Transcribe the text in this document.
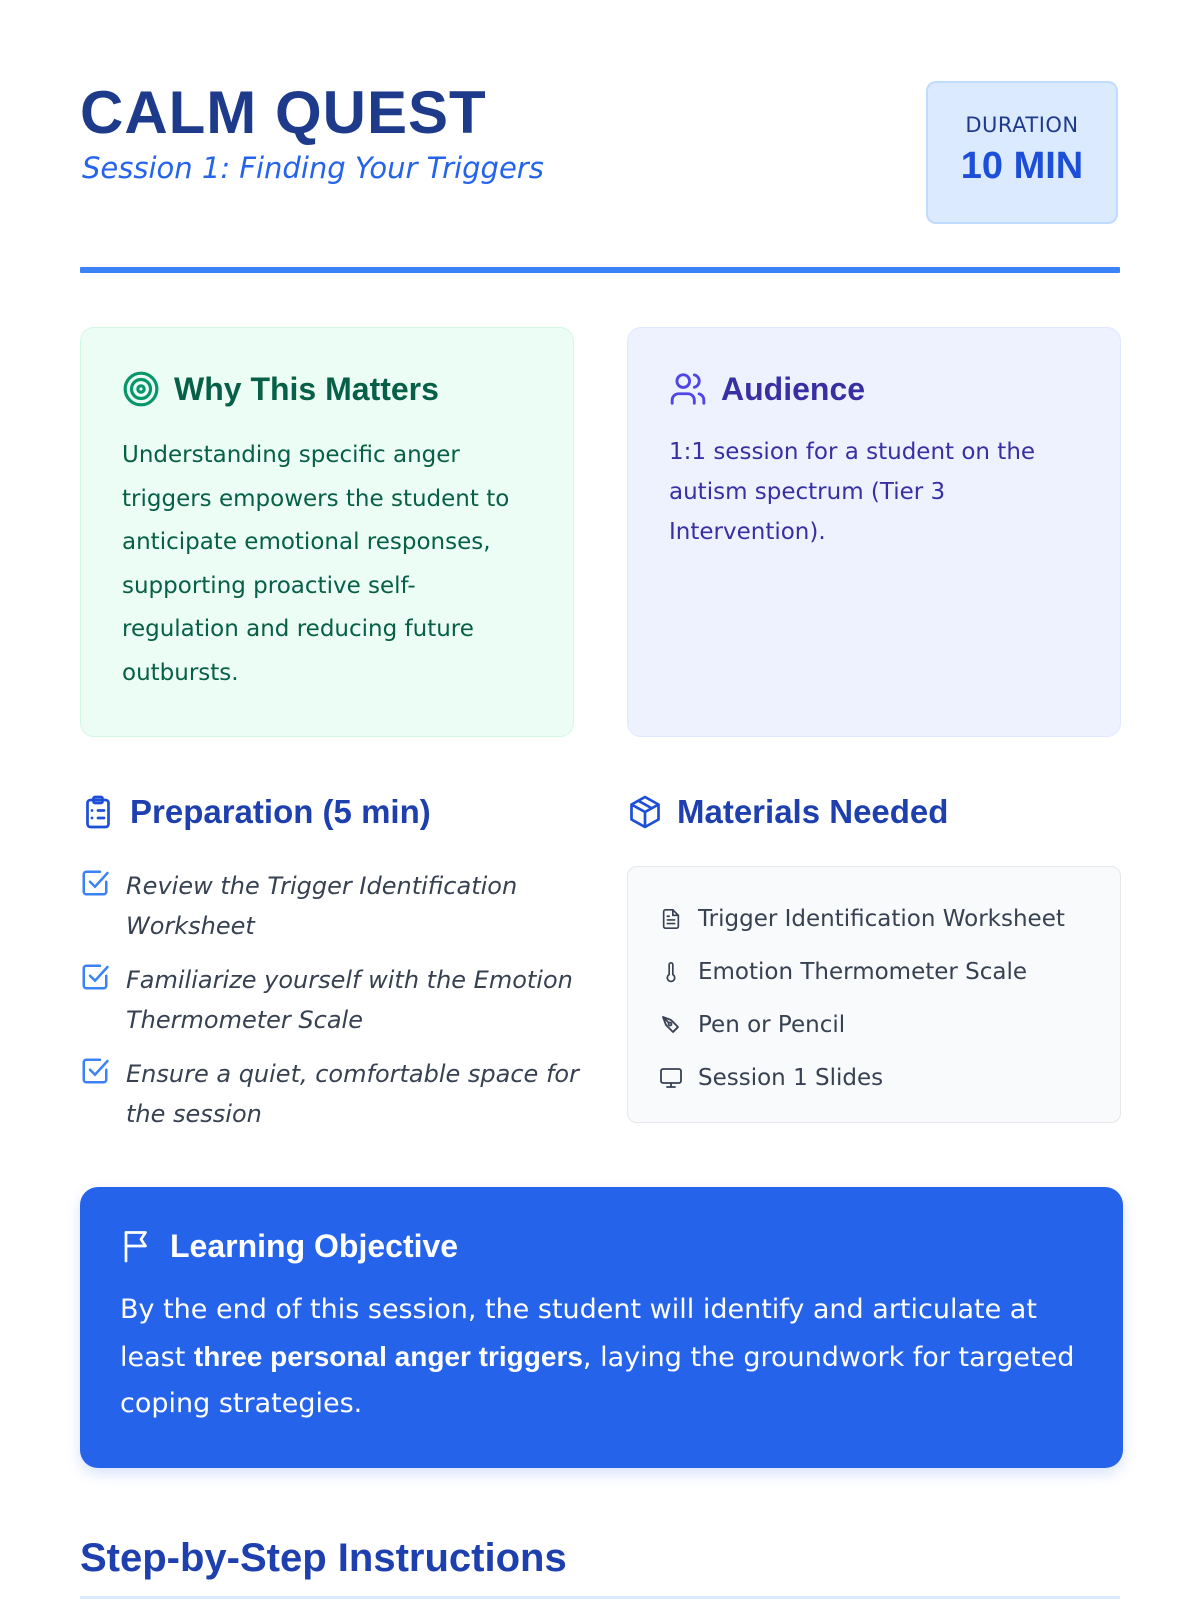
CALM QUEST
Session 1: Finding Your Triggers
DURATION
10 MIN
Why This Matters
Understanding specific anger triggers empowers the student to anticipate emotional responses, supporting proactive self-regulation and reducing future outbursts.
Audience
1:1 session for a student on the autism spectrum (Tier 3 Intervention).
Preparation (5 min)
Review the Trigger Identification Worksheet
Familiarize yourself with the Emotion Thermometer Scale
Ensure a quiet, comfortable space for the session
Materials Needed
Trigger Identification Worksheet
Emotion Thermometer Scale
Pen or Pencil
Session 1 Slides
Learning Objective
By the end of this session, the student will identify and articulate at least three personal anger triggers, laying the groundwork for targeted coping strategies.
Step-by-Step Instructions
